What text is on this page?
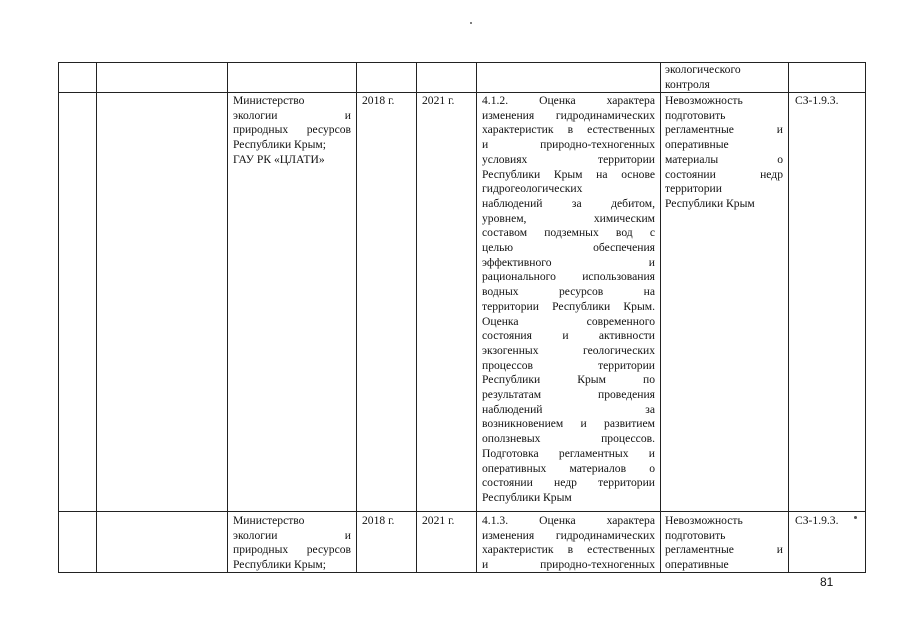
экологического
контроля
Министерство
экологии и
природных ресурсов
Республики Крым;
ГАУ РК «ЦЛАТИ»
2018 г. 2021 г. 4.1.2. Оценка характера
изменения гидродинамических
характеристик в естественных
и природно-техногенных
условиях территории
Республики Крым на основе
гидрогеологических
наблюдений за дебитом,
уровнем, химическим
составом подземных вод с
целью обеспечения
эффективного и
рационального использования
водных ресурсов на
территории Республики Крым.
Оценка современного
состояния и активности
экзогенных геологических
процессов территории
Республики Крым по
результатам проведения
наблюдений за
возникновением и развитием
оползневых процессов.
Подготовка регламентных и
оперативных материалов о
состоянии недр территории
Республики Крым
Невозможность
подготовить
регламентные и
оперативные
материалы о
состоянии недр
территории
Республики Крым
СЗ-1.9.3.
Министерство
экологии и
природных ресурсов
Республики Крым;
2018 г. 2021 г. 4.1.3. Оценка характера
изменения гидродинамических
характеристик в естественных
и природно-техногенных
Невозможность
подготовить
регламентные и
оперативные
СЗ-1.9.3.
81
